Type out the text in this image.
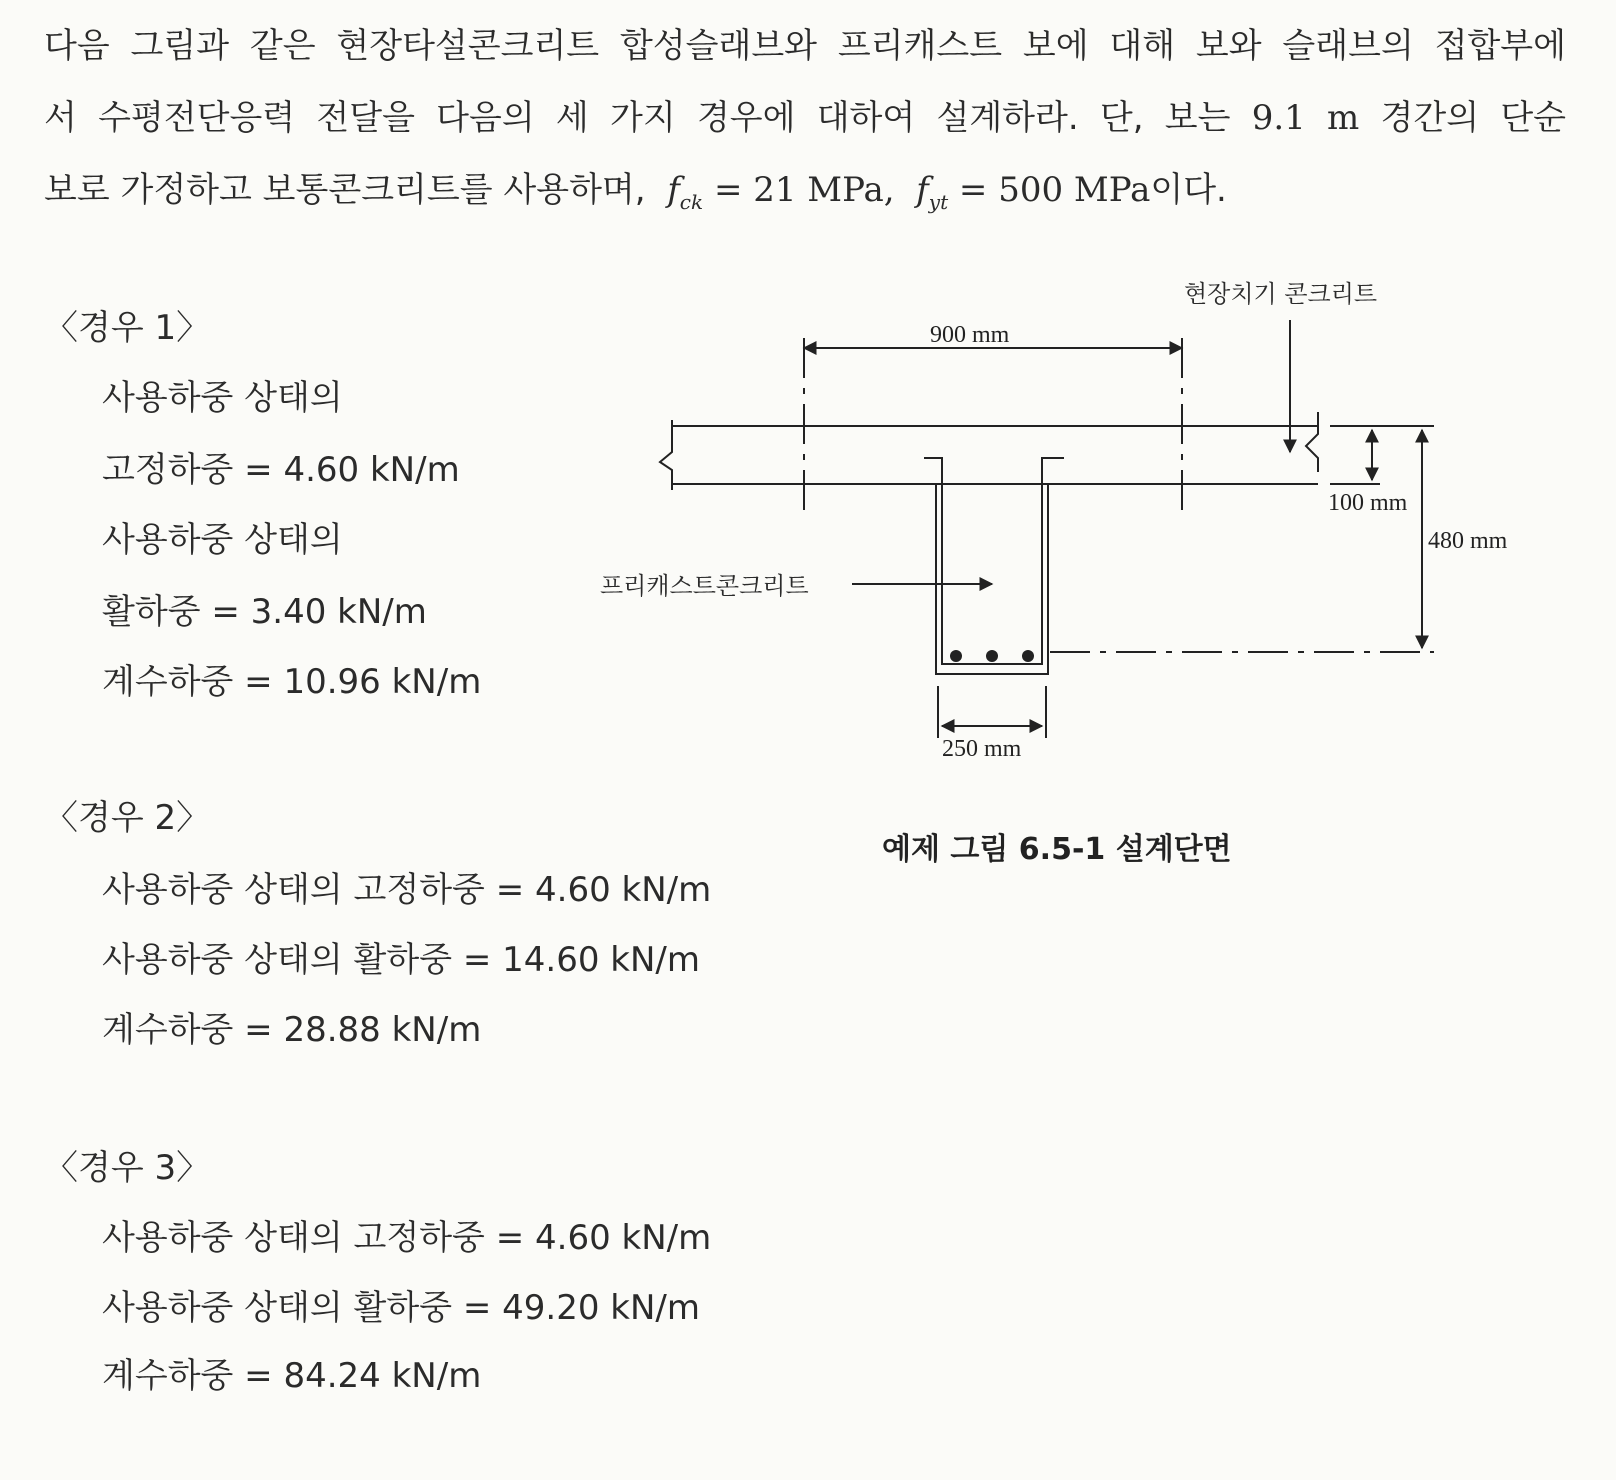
다음 그림과 같은 현장타설콘크리트 합성슬래브와 프리캐스트 보에 대해 보와 슬래브의 접합부에
서 수평전단응력 전달을 다음의 세 가지 경우에 대하여 설계하라. 단, 보는 9.1 m 경간의 단순
보로 가정하고 보통콘크리트를 사용하며, $f_{ck} = 21$ MPa, $f_{yt} = 500$ MPa이다.
〈경우 1〉
사용하중 상태의
고정하중 = 4.60 kN/m
사용하중 상태의
활하중 = 3.40 kN/m
계수하중 = 10.96 kN/m
〈경우 2〉
사용하중 상태의 고정하중 = 4.60 kN/m
사용하중 상태의 활하중 = 14.60 kN/m
계수하중 = 28.88 kN/m
〈경우 3〉
사용하중 상태의 고정하중 = 4.60 kN/m
사용하중 상태의 활하중 = 49.20 kN/m
계수하중 = 84.24 kN/m
현장치기 콘크리트
프리캐스트콘크리트
900 mm
100 mm
480 mm
250 mm
예제 그림 6.5-1 설계단면
